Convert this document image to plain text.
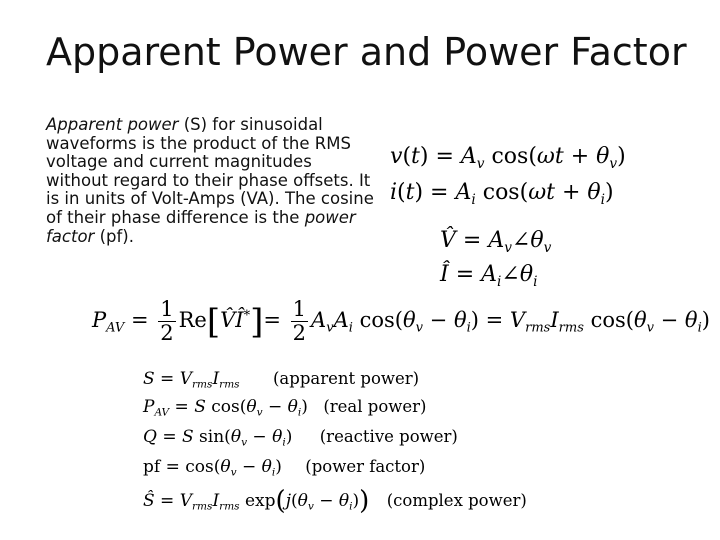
Apparent Power and Power Factor
Apparent power (S) for sinusoidal waveforms is the product of the RMS voltage and current magnitudes without regard to their phase offsets. It is in units of Volt-Amps (VA). The cosine of their phase difference is the power factor (pf).
$v(t) = A_v$ $\cos(\omega t + \theta_v)$
$i(t) = A_i$ $\cos(\omega t + \theta_i)$
V̂ = $A_v\angle\theta_v$
Î = $A_i\angle\theta_i$
$P_{AV} = \frac{1}{2}$ Re[V̂Î*]= $\frac{1}{2} A_vA_i$ $\cos(\theta_v - \theta_i) = V_{rms}I_{rms}$ $\cos(\theta_v - \theta_i)$
$S = V_{rms}I_{rms}$ (apparent power)
$P_{AV} = S$ $\cos(\theta_v - \theta_i)$ (real power)
Q = S $\sin(\theta_v - \theta_i)$ (reactive power)
pf = $\cos(\theta_v - \theta_i)$ (power factor)
Ŝ = $V_{rms}I_{rms}$ $\exp(j(\theta_v - \theta_i))$ (complex power)
